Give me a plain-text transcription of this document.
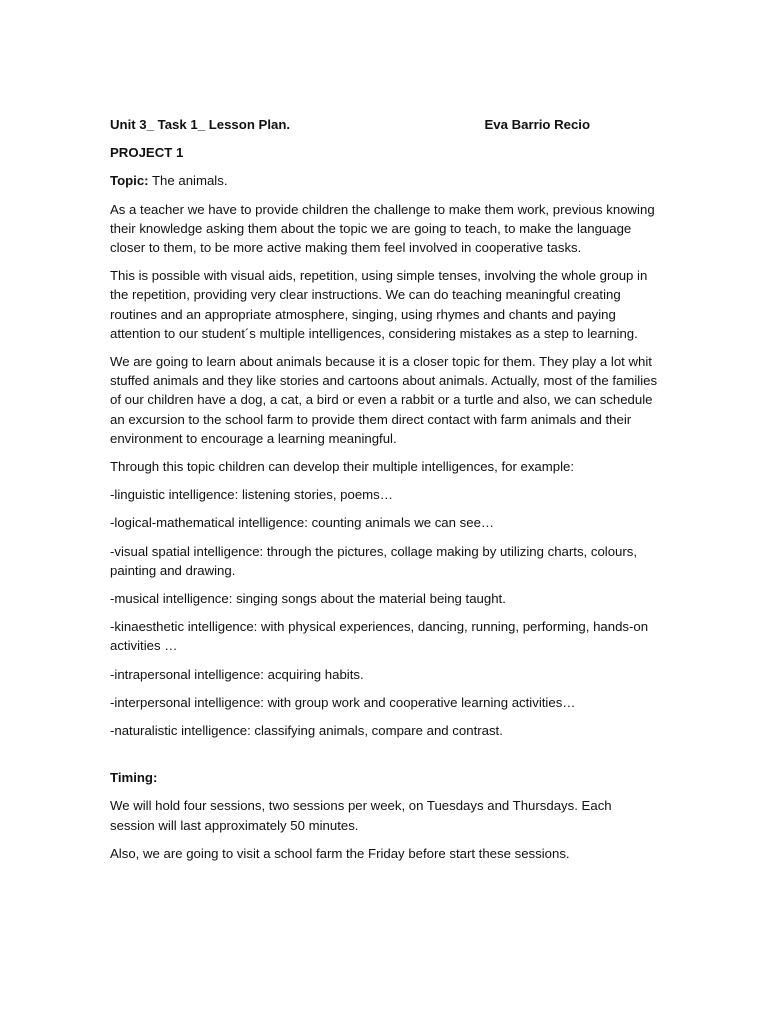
Unit 3_ Task 1_ Lesson Plan.	Eva Barrio Recio
PROJECT 1
Topic: The animals.

As a teacher we have to provide children the challenge to make them work, previous knowing their knowledge asking them about the topic we are going to teach, to make the language closer to them, to be more active making them feel involved in cooperative tasks.

This is possible with visual aids, repetition, using simple tenses, involving the whole group in the repetition, providing very clear instructions. We can do teaching meaningful creating routines and an appropriate atmosphere, singing, using rhymes and chants and paying attention to our student´s multiple intelligences, considering mistakes as a step to learning.

We are going to learn about animals because it is a closer topic for them. They play a lot whit stuffed animals and they like stories and cartoons about animals. Actually, most of the families of our children have a dog, a cat, a bird or even a rabbit or a turtle and also, we can schedule an excursion to the school farm to provide them direct contact with farm animals and their environment to encourage a learning meaningful.

Through this topic children can develop their multiple intelligences, for example:

-linguistic intelligence: listening stories, poems…
-logical-mathematical intelligence: counting animals we can see…
-visual spatial intelligence: through the pictures, collage making by utilizing charts, colours, painting and drawing.
-musical intelligence: singing songs about the material being taught.
-kinaesthetic intelligence: with physical experiences, dancing, running, performing, hands-on activities …
-intrapersonal intelligence: acquiring habits.
-interpersonal intelligence: with group work and cooperative learning activities…
-naturalistic intelligence: classifying animals, compare and contrast.
Timing:

We will hold four sessions, two sessions per week, on Tuesdays and Thursdays. Each session will last approximately 50 minutes.

Also, we are going to visit a school farm the Friday before start these sessions.
